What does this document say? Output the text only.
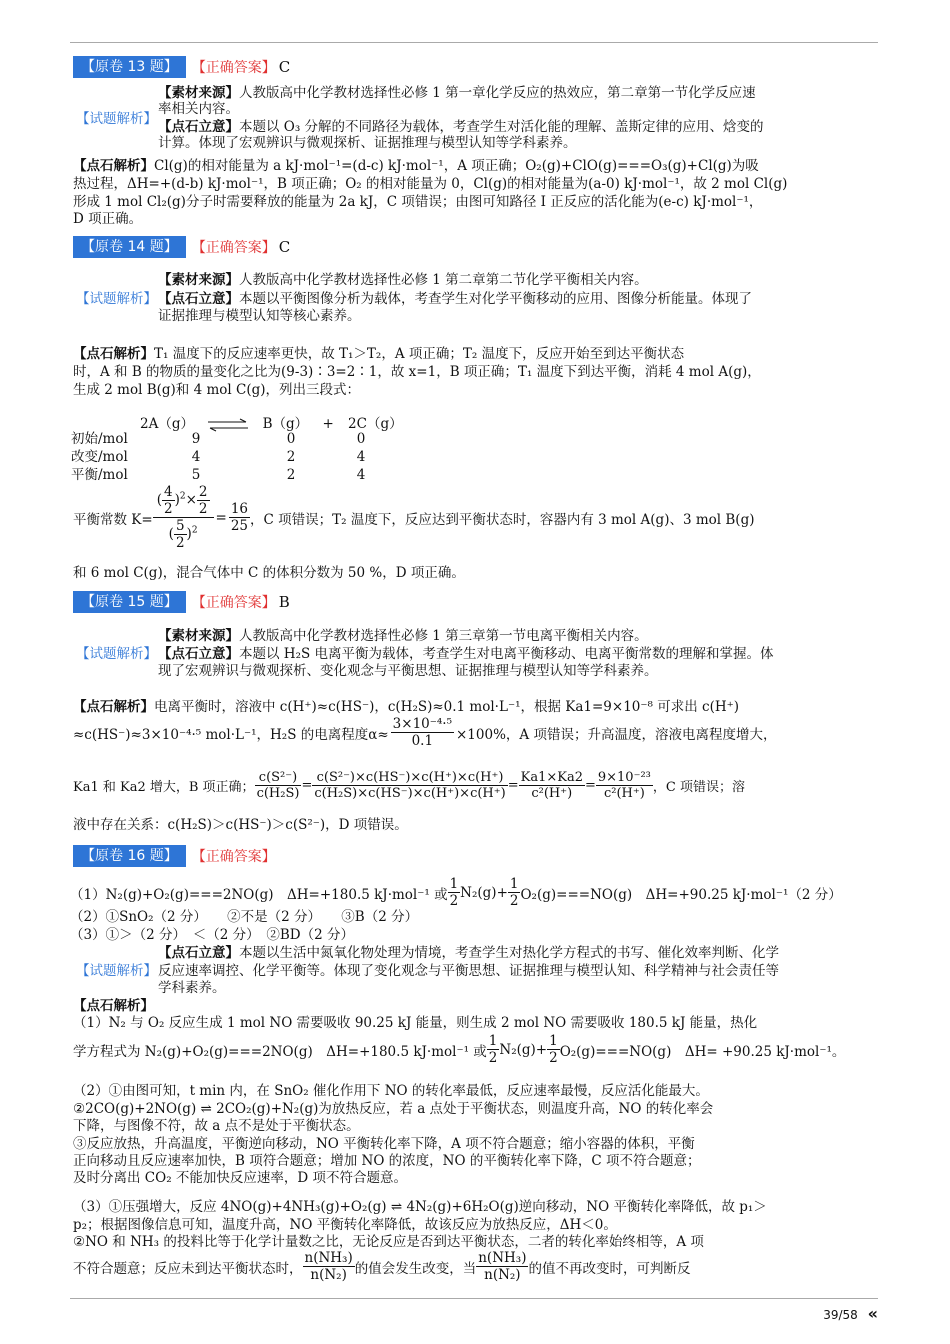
【原卷 13 题】	【正确答案】 C
【试题解析】
【素材来源】人教版高中化学教材选择性必修 1 第一章化学反应的热效应，第二章第一节化学反应速
率相关内容。
【点石立意】本题以 O₃ 分解的不同路径为载体，考查学生对活化能的理解、盖斯定律的应用、焓变的
计算。体现了宏观辨识与微观探析、证据推理与模型认知等学科素养。
【点石解析】Cl(g)的相对能量为 a kJ·mol⁻¹=(d-c) kJ·mol⁻¹，A 项正确；O₂(g)+ClO(g)===O₃(g)+Cl(g)为吸
热过程，ΔH=+(d-b) kJ·mol⁻¹，B 项正确；O₂ 的相对能量为 0，Cl(g)的相对能量为(a-0) kJ·mol⁻¹，故 2 mol Cl(g)
形成 1 mol Cl₂(g)分子时需要释放的能量为 2a kJ，C 项错误；由图可知路径 Ⅰ 正反应的活化能为(e-c) kJ·mol⁻¹，
D 项正确。
【原卷 14 题】	【正确答案】 C
【试题解析】
【素材来源】人教版高中化学教材选择性必修 1 第二章第二节化学平衡相关内容。
【点石立意】本题以平衡图像分析为载体，考查学生对化学平衡移动的应用、图像分析能量。体现了
证据推理与模型认知等核心素养。
【点石解析】T₁ 温度下的反应速率更快，故 T₁＞T₂，A 项正确；T₂ 温度下，反应开始至到达平衡状态
时，A 和 B 的物质的量变化之比为(9-3)∶3=2∶1，故 x=1，B 项正确；T₁ 温度下到达平衡，消耗 4 mol A(g)，
生成 2 mol B(g)和 4 mol C(g)，列出三段式：
2A（g） ⇌ B（g） + 2C（g）
初始/mol	9	0	0
改变/mol	4	2	4
平衡/mol	5	2	4
平衡常数 $K= \frac{( \frac{4}{2} )^2\times \frac{2}{2}}{( \frac{5}{2} )^2} = \frac{16}{25}$ ，C 项错误；T₂ 温度下，反应达到平衡状态时，容器内有 3 mol A(g)、3 mol B(g)
和 6 mol C(g)，混合气体中 C 的体积分数为 50 %，D 项正确。
【原卷 15 题】	【正确答案】 B
【试题解析】
【素材来源】人教版高中化学教材选择性必修 1 第三章第一节电离平衡相关内容。
【点石立意】本题以 H₂S 电离平衡为载体，考查学生对电离平衡移动、电离平衡常数的理解和掌握。体
现了宏观辨识与微观探析、变化观念与平衡思想、证据推理与模型认知等学科素养。
【点石解析】电离平衡时，溶液中 c(H⁺)≈c(HS⁻)，c(H₂S)≈0.1 mol·L⁻¹，根据 Ka1=9×10⁻⁸ 可求出 c(H⁺)
≈c(HS⁻)≈3×10⁻⁴·⁵ mol·L⁻¹，H₂S 的电离程度$\alpha\approx \frac{\text{3×10⁻⁴·⁵}}{0.1} \times 100\%$，A 项错误；升高温度，溶液电离程度增大，
Ka1 和 Ka2 增大，B 项正确； $\frac{\text{c(S²⁻)}}{\text{c(H₂S)}} = \frac{\text{c(S²⁻)×c(HS⁻)×c(H⁺)×c(H⁺)}}{\text{c(H₂S)×c(HS⁻)×c(H⁺)×c(H⁺)}} = \frac{Ka1\times Ka2}{\text{c²(H⁺)}} = \frac{\text{9×10⁻²³}}{\text{c²(H⁺)}}$ ，C 项错误；溶
液中存在关系：c(H₂S)＞c(HS⁻)＞c(S²⁻)，D 项错误。
【原卷 16 题】	【正确答案】
（1）N₂(g)+O₂(g)===2NO(g)　ΔH=+180.5 kJ·mol⁻¹ 或 $\frac{1}{2} N_2(g)+ \frac{1}{2} O_2(g)===NO(g)$　ΔH=+90.25 kJ·mol⁻¹（2 分）
（2）①SnO₂（2 分）　　②不是（2 分）　　③B（2 分）
（3）①＞（2 分）　＜（2 分）　②BD（2 分）
【试题解析】
【点石立意】本题以生活中氮氧化物处理为情境，考查学生对热化学方程式的书写、催化效率判断、化学
反应速率调控、化学平衡等。体现了变化观念与平衡思想、证据推理与模型认知、科学精神与社会责任等
学科素养。
【点石解析】
（1）N₂ 与 O₂ 反应生成 1 mol NO 需要吸收 90.25 kJ 能量，则生成 2 mol NO 需要吸收 180.5 kJ 能量，热化
学方程式为 N₂(g)+O₂(g)===2NO(g)　ΔH=+180.5 kJ·mol⁻¹ 或 $\frac{1}{2} N_2(g)+ \frac{1}{2} O_2(g)===NO(g)$　ΔH= +90.25 kJ·mol⁻¹。
（2）①由图可知，t min 内，在 SnO₂ 催化作用下 NO 的转化率最低，反应速率最慢，反应活化能最大。
②2CO(g)+2NO(g) ⇌ 2CO₂(g)+N₂(g)为放热反应，若 a 点处于平衡状态，则温度升高，NO 的转化率会
下降，与图像不符，故 a 点不是处于平衡状态。
③反应放热，升高温度，平衡逆向移动，NO 平衡转化率下降，A 项不符合题意；缩小容器的体积，平衡
正向移动且反应速率加快，B 项符合题意；增加 NO 的浓度，NO 的平衡转化率下降，C 项不符合题意；
及时分离出 CO₂ 不能加快反应速率，D 项不符合题意。
（3）①压强增大，反应 4NO(g)+4NH₃(g)+O₂(g) ⇌ 4N₂(g)+6H₂O(g)逆向移动，NO 平衡转化率降低，故 p₁＞
p₂；根据图像信息可知，温度升高，NO 平衡转化率降低，故该反应为放热反应，ΔH＜0。
②NO 和 NH₃ 的投料比等于化学计量数之比，无论反应是否到达平衡状态，二者的转化率始终相等，A 项
不符合题意；反应未到达平衡状态时， $\frac{\text{n(NH₃)}}{\text{n(N₂)}}$ 的值会发生改变，当 $\frac{\text{n(NH₃)}}{\text{n(N₂)}}$ 的值不再改变时，可判断反
39/58 «
